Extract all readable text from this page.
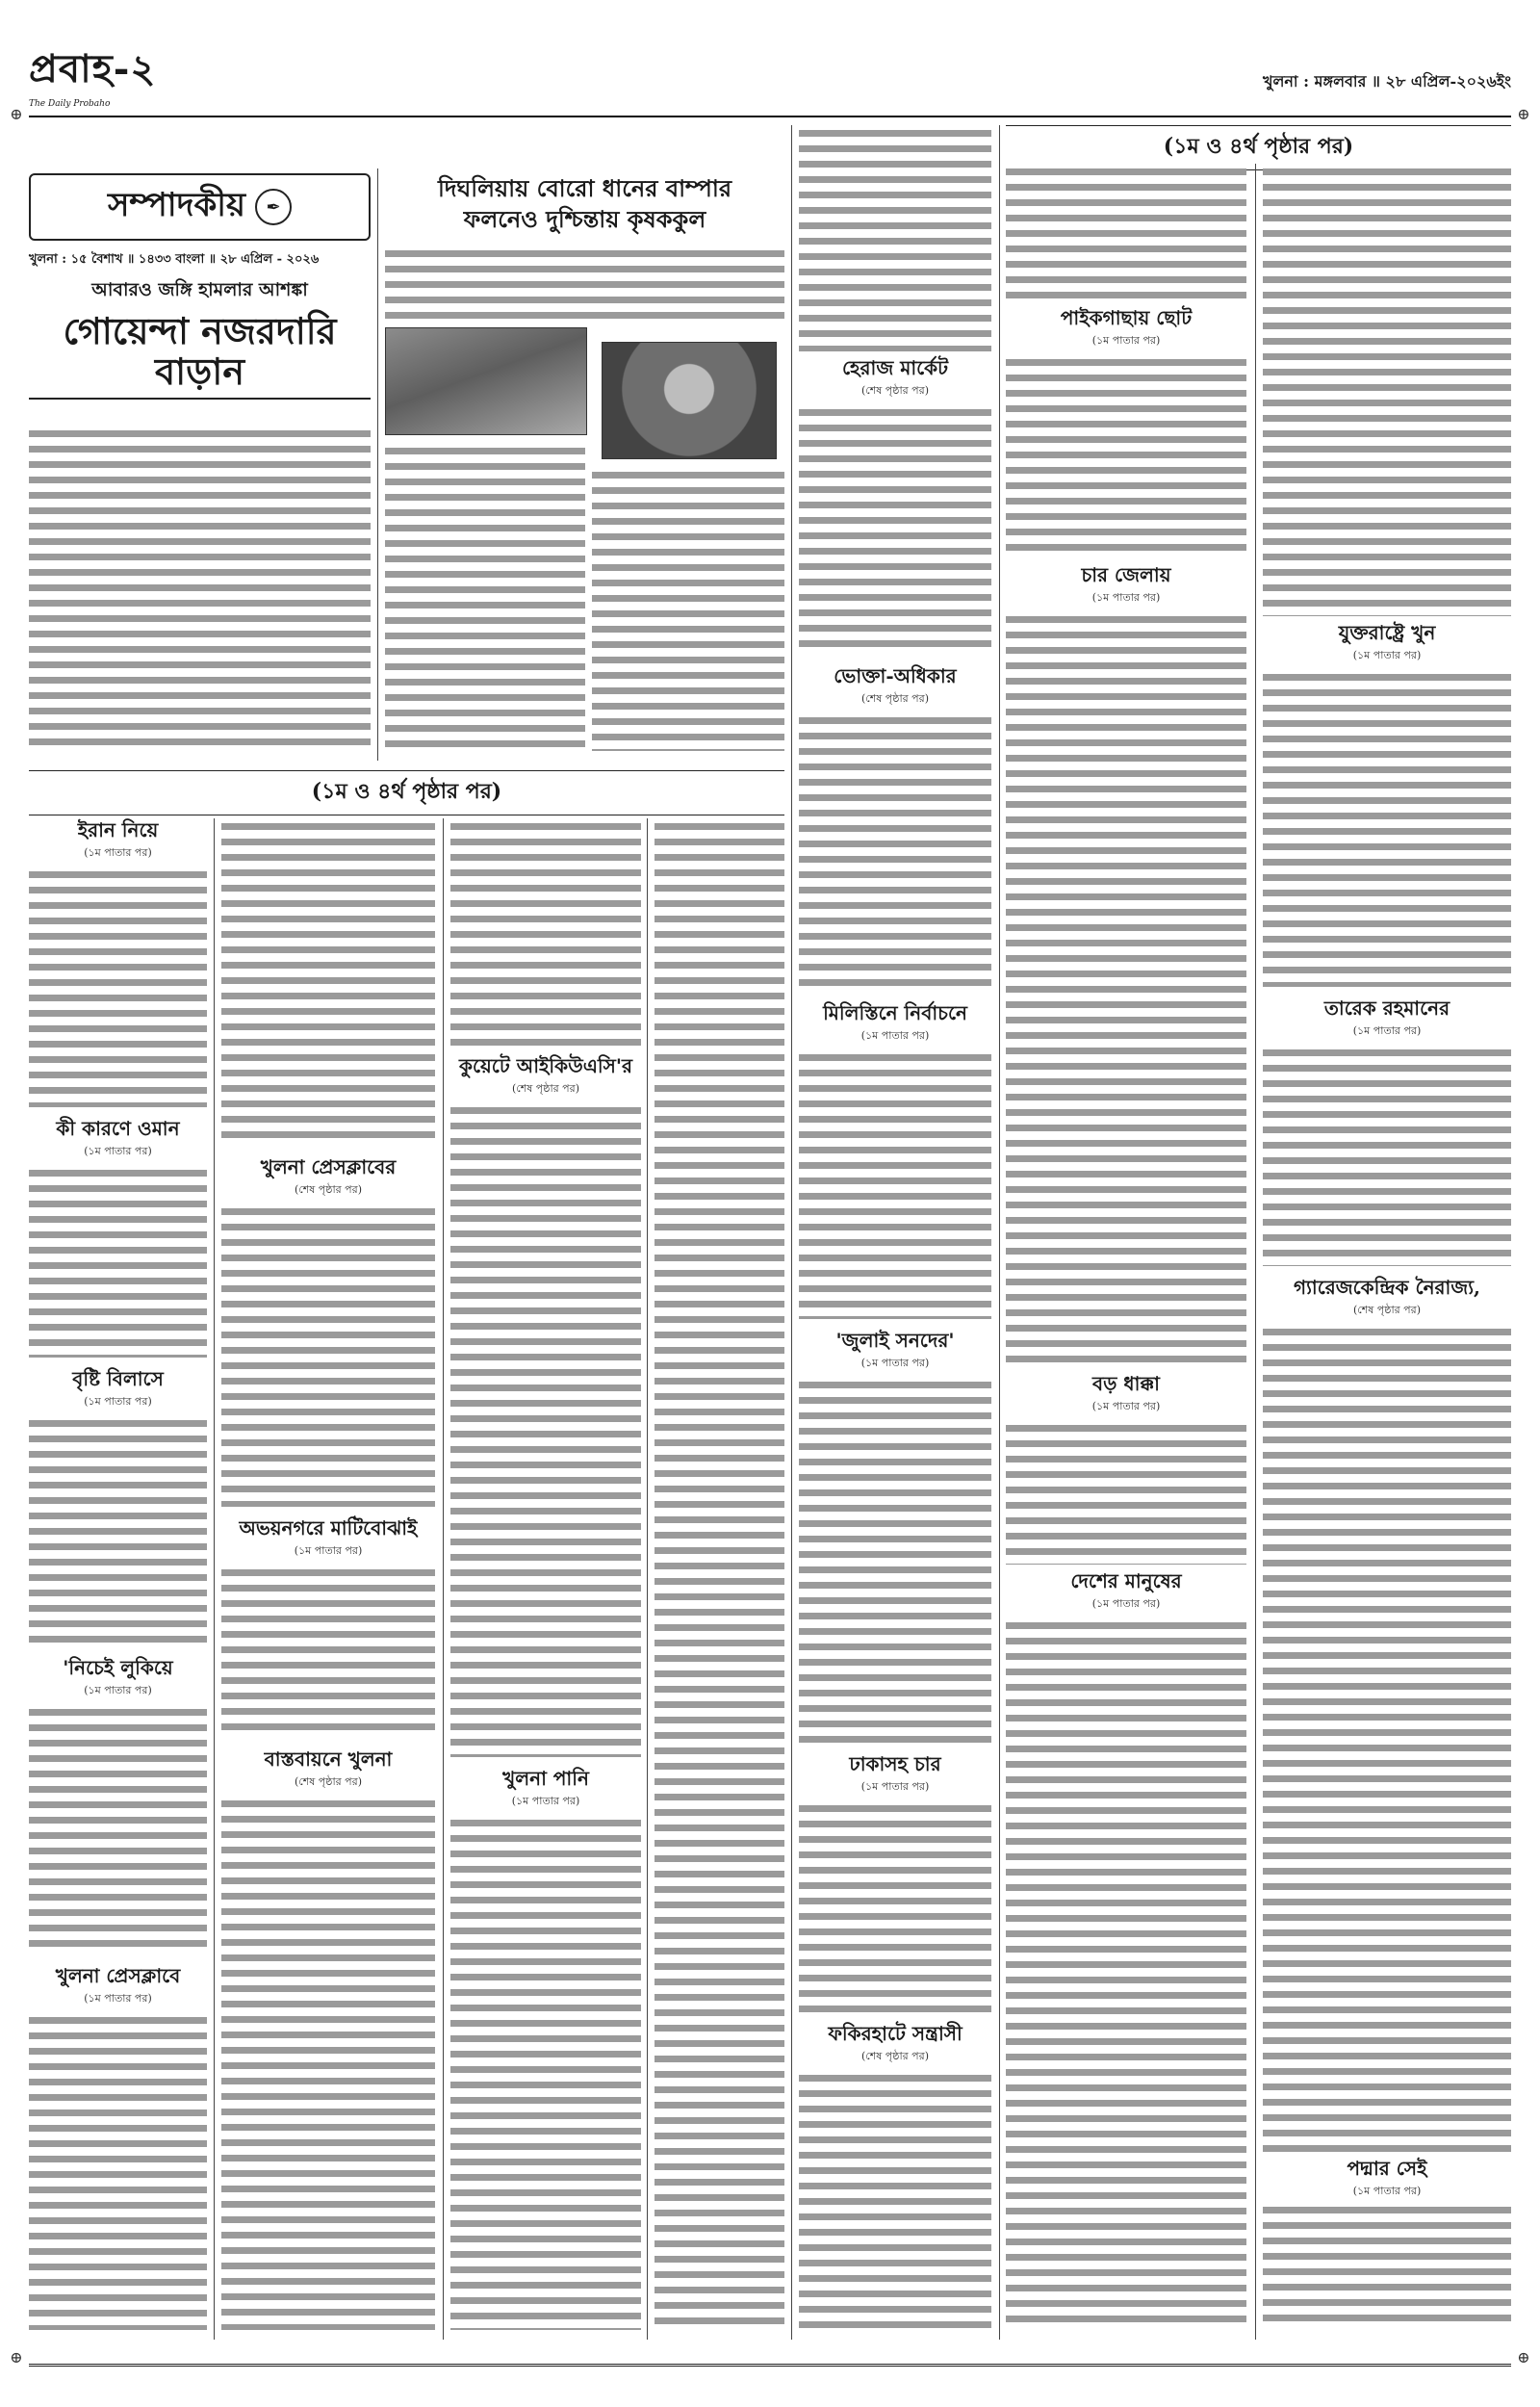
প্রবাহ-২
The Daily Probaho
খুলনা : মঙ্গলবার ॥ ২৮ এপ্রিল-২০২৬ইং
⊕	⊕
⊕	⊕
সম্পাদকীয়	✒
খুলনা : ১৫ বৈশাখ ॥ ১৪৩৩ বাংলা ॥ ২৮ এপ্রিল - ২০২৬
আবারও জঙ্গি হামলার আশঙ্কা
গোয়েন্দা নজরদারি বাড়ান
দিঘলিয়ায় বোরো ধানের বাম্পার
ফলনেও দুশ্চিন্তায় কৃষককুল
(১ম ও ৪র্থ পৃষ্ঠার পর)
(১ম ও ৪র্থ পৃষ্ঠার পর)
হেরাজ মার্কেট
(শেষ পৃষ্ঠার পর)
ভোক্তা-অধিকার
(শেষ পৃষ্ঠার পর)
মিলিস্তিনে নির্বাচনে
(১ম পাতার পর)
'জুলাই সনদের'
(১ম পাতার পর)
ঢাকাসহ চার
(১ম পাতার পর)
ফকিরহাটে সন্ত্রাসী
(শেষ পৃষ্ঠার পর)
পাইকগাছায় ছোট
(১ম পাতার পর)
চার জেলায়
(১ম পাতার পর)
বড় ধাক্কা
(১ম পাতার পর)
দেশের মানুষের
(১ম পাতার পর)
যুক্তরাষ্ট্রে খুন
(১ম পাতার পর)
তারেক রহমানের
(১ম পাতার পর)
গ্যারেজকেন্দ্রিক নৈরাজ্য,
(শেষ পৃষ্ঠার পর)
ইরান নিয়ে
(১ম পাতার পর)
কী কারণে ওমান
(১ম পাতার পর)
বৃষ্টি বিলাসে
(১ম পাতার পর)
'নিচেই লুকিয়ে
(১ম পাতার পর)
খুলনা প্রেসক্লাবে
(১ম পাতার পর)
খুলনা প্রেসক্লাবের
(শেষ পৃষ্ঠার পর)
অভয়নগরে মাটিবোঝাই
(১ম পাতার পর)
বাস্তবায়নে খুলনা
(শেষ পৃষ্ঠার পর)
কুয়েটে আইকিউএসি'র
(শেষ পৃষ্ঠার পর)
খুলনা পানি
(১ম পাতার পর)
পদ্মার সেই
(১ম পাতার পর)
